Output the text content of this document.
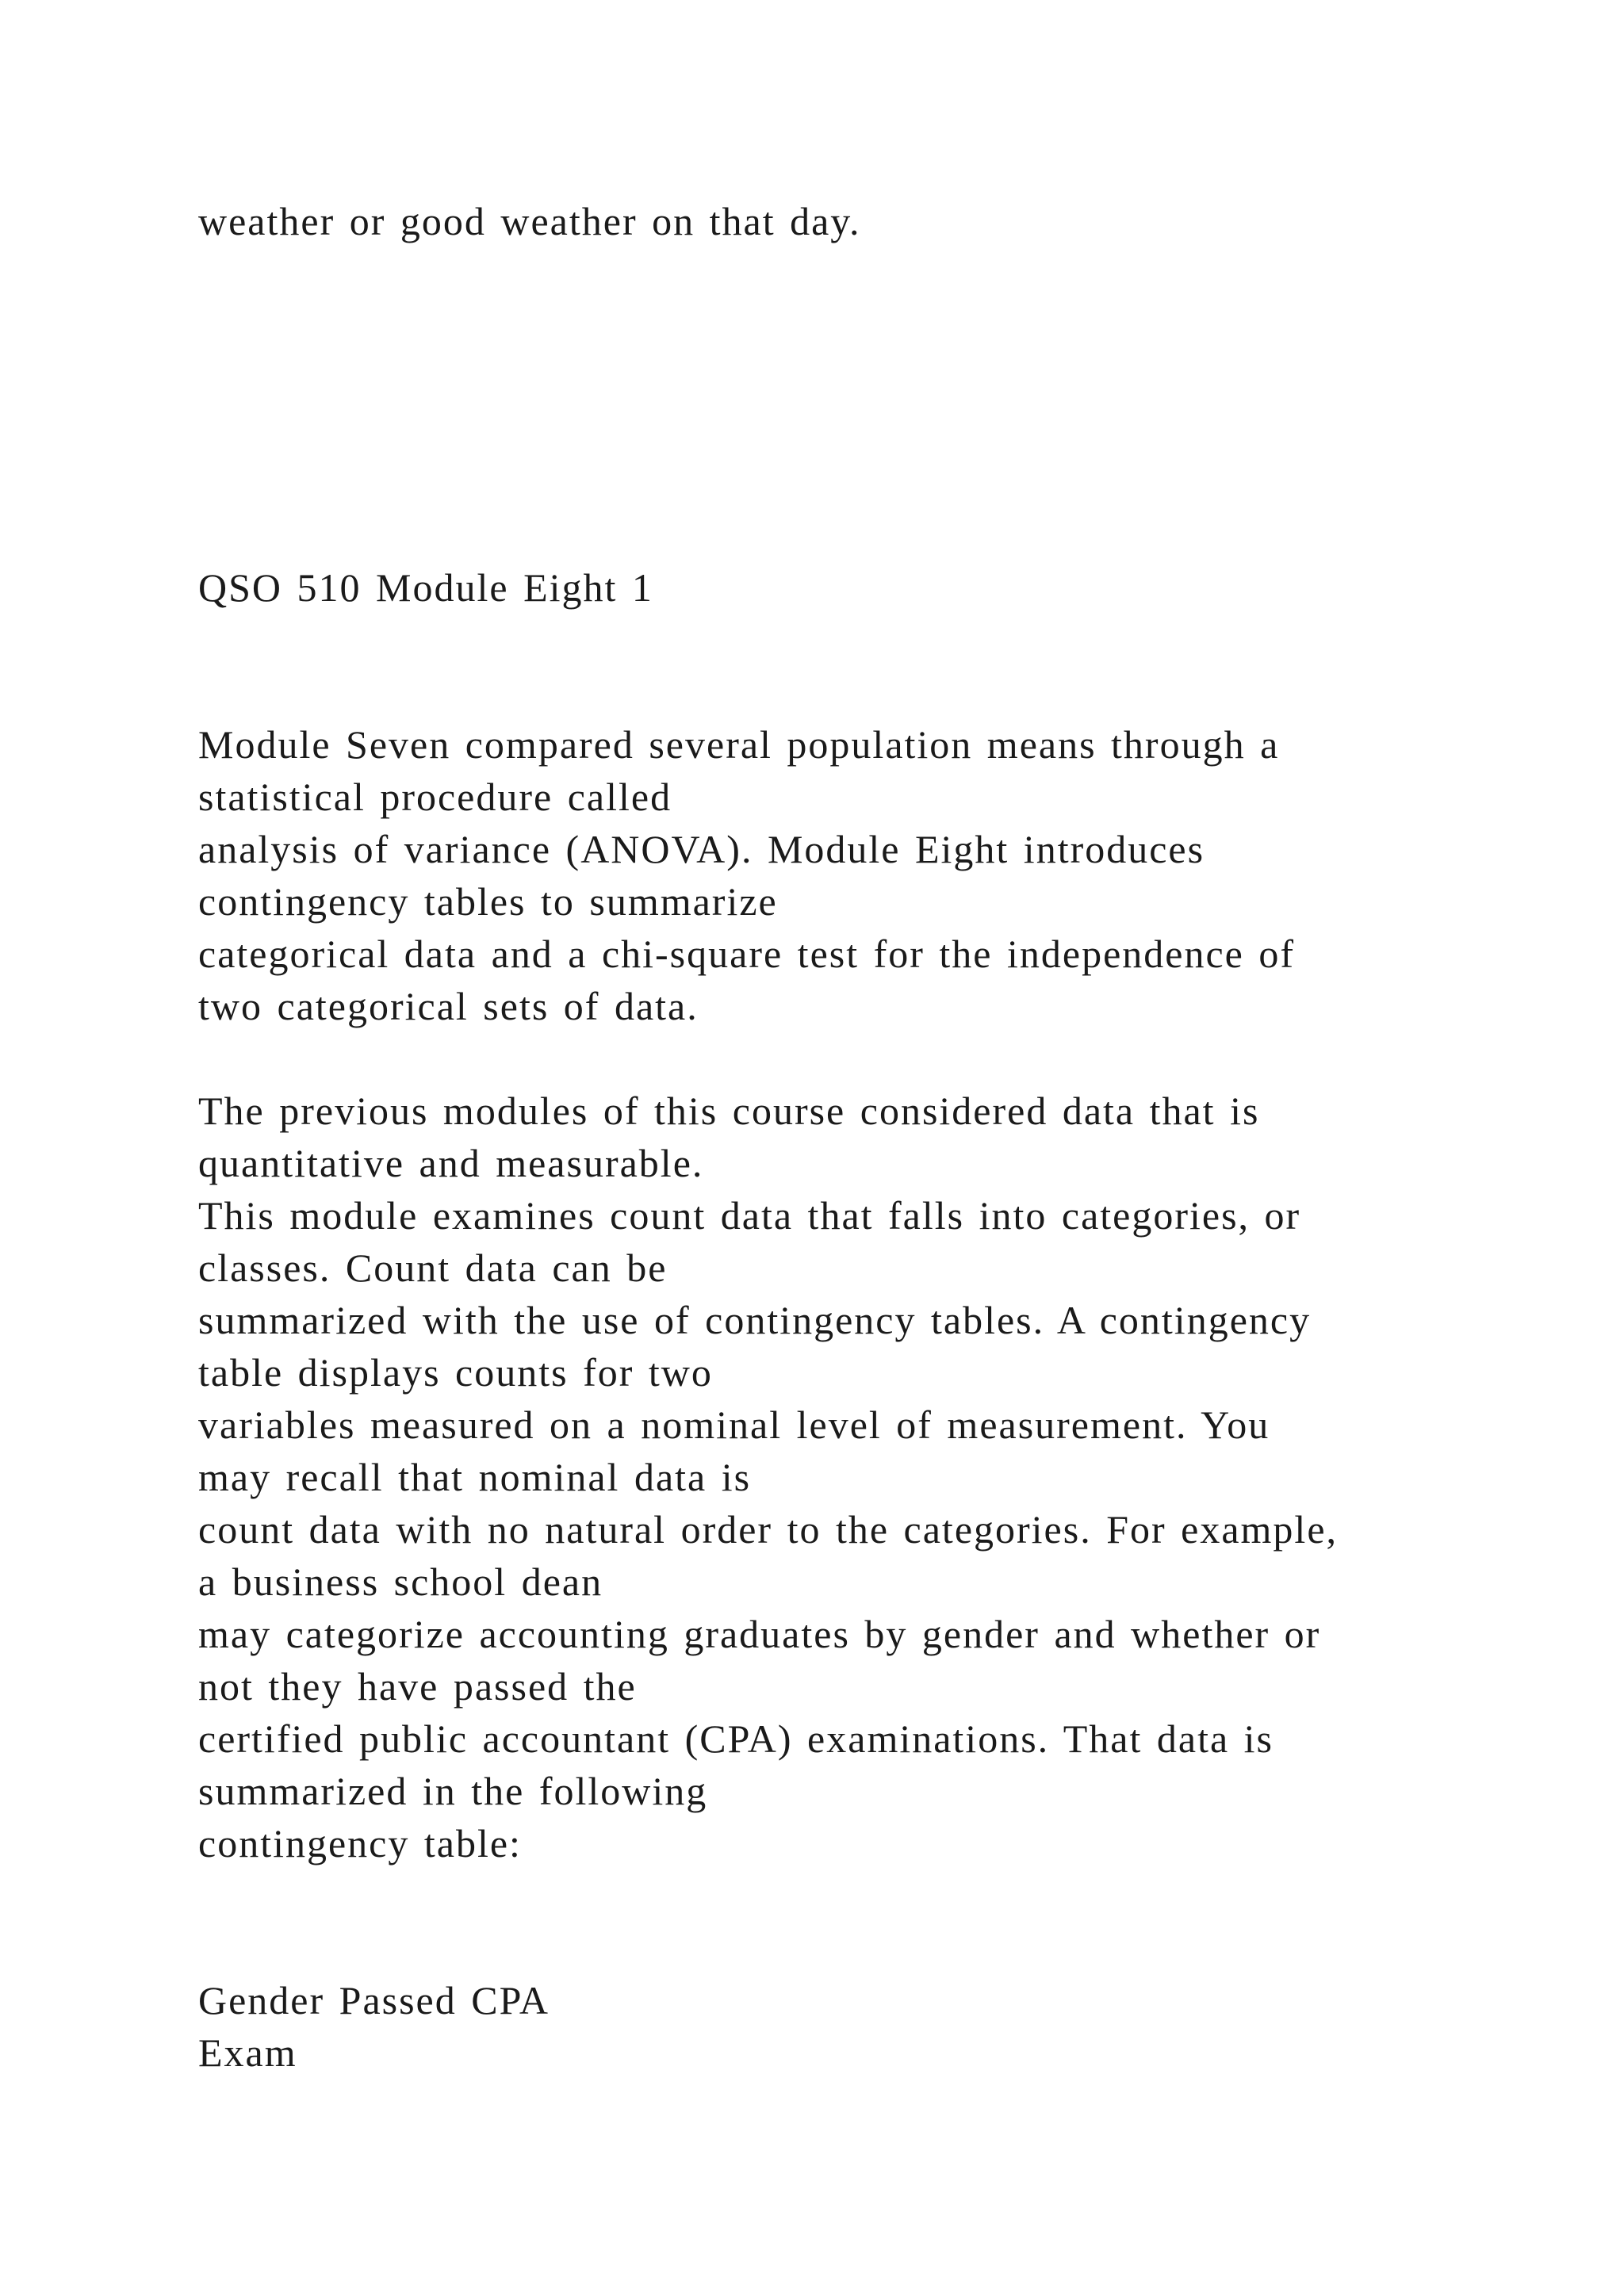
weather or good weather on that day.
QSO 510 Module Eight 1
Module Seven compared several population means through a
statistical procedure called
analysis of variance (ANOVA). Module Eight introduces
contingency tables to summarize
categorical data and a chi-square test for the independence of
two categorical sets of data.
The previous modules of this course considered data that is
quantitative and measurable.
This module examines count data that falls into categories, or
classes. Count data can be
summarized with the use of contingency tables. A contingency
table displays counts for two
variables measured on a nominal level of measurement. You
may recall that nominal data is
count data with no natural order to the categories. For example,
a business school dean
may categorize accounting graduates by gender and whether or
not they have passed the
certified public accountant (CPA) examinations. That data is
summarized in the following
contingency table:
Gender Passed CPA
Exam
